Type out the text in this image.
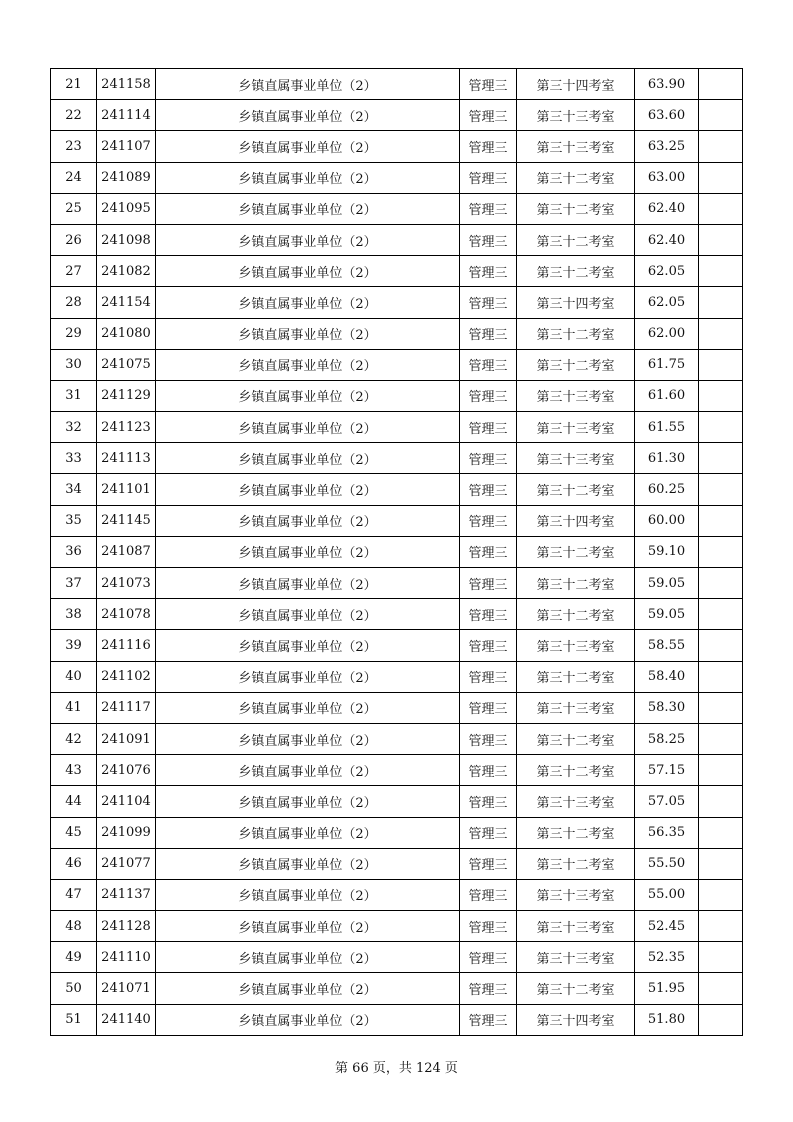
21	241158	乡镇直属事业单位（2）	管理三	第三十四考室	63.90	
22	241114	乡镇直属事业单位（2）	管理三	第三十三考室	63.60	
23	241107	乡镇直属事业单位（2）	管理三	第三十三考室	63.25	
24	241089	乡镇直属事业单位（2）	管理三	第三十二考室	63.00	
25	241095	乡镇直属事业单位（2）	管理三	第三十二考室	62.40	
26	241098	乡镇直属事业单位（2）	管理三	第三十二考室	62.40	
27	241082	乡镇直属事业单位（2）	管理三	第三十二考室	62.05	
28	241154	乡镇直属事业单位（2）	管理三	第三十四考室	62.05	
29	241080	乡镇直属事业单位（2）	管理三	第三十二考室	62.00	
30	241075	乡镇直属事业单位（2）	管理三	第三十二考室	61.75	
31	241129	乡镇直属事业单位（2）	管理三	第三十三考室	61.60	
32	241123	乡镇直属事业单位（2）	管理三	第三十三考室	61.55	
33	241113	乡镇直属事业单位（2）	管理三	第三十三考室	61.30	
34	241101	乡镇直属事业单位（2）	管理三	第三十二考室	60.25	
35	241145	乡镇直属事业单位（2）	管理三	第三十四考室	60.00	
36	241087	乡镇直属事业单位（2）	管理三	第三十二考室	59.10	
37	241073	乡镇直属事业单位（2）	管理三	第三十二考室	59.05	
38	241078	乡镇直属事业单位（2）	管理三	第三十二考室	59.05	
39	241116	乡镇直属事业单位（2）	管理三	第三十三考室	58.55	
40	241102	乡镇直属事业单位（2）	管理三	第三十二考室	58.40	
41	241117	乡镇直属事业单位（2）	管理三	第三十三考室	58.30	
42	241091	乡镇直属事业单位（2）	管理三	第三十二考室	58.25	
43	241076	乡镇直属事业单位（2）	管理三	第三十二考室	57.15	
44	241104	乡镇直属事业单位（2）	管理三	第三十三考室	57.05	
45	241099	乡镇直属事业单位（2）	管理三	第三十二考室	56.35	
46	241077	乡镇直属事业单位（2）	管理三	第三十二考室	55.50	
47	241137	乡镇直属事业单位（2）	管理三	第三十三考室	55.00	
48	241128	乡镇直属事业单位（2）	管理三	第三十三考室	52.45	
49	241110	乡镇直属事业单位（2）	管理三	第三十三考室	52.35	
50	241071	乡镇直属事业单位（2）	管理三	第三十二考室	51.95	
51	241140	乡镇直属事业单位（2）	管理三	第三十四考室	51.80	
第 66 页，共 124 页
